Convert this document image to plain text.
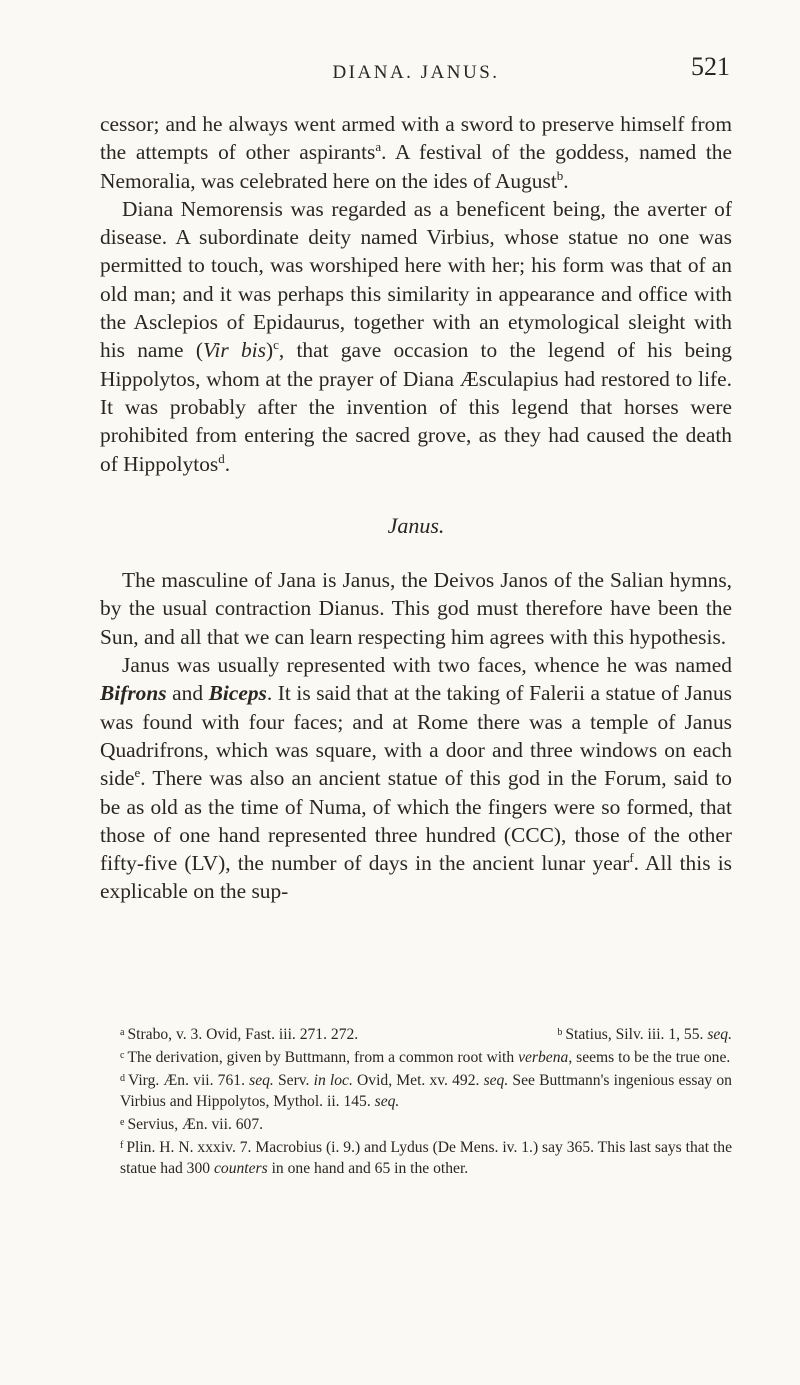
DIANA. JANUS.	521

cessor; and he always went armed with a sword to preserve himself from the attempts of other aspirants$^a$. A festival of the goddess, named the Nemoralia, was celebrated here on the ides of August$^b$.

Diana Nemorensis was regarded as a beneficent being, the averter of disease. A subordinate deity named Virbius, whose statue no one was permitted to touch, was worshiped here with her; his form was that of an old man; and it was perhaps this similarity in appearance and office with the Asclepios of Epidaurus, together with an etymological sleight with his name (Vir bis)$^c$, that gave occasion to the legend of his being Hippolytos, whom at the prayer of Diana Æsculapius had restored to life. It was probably after the invention of this legend that horses were prohibited from entering the sacred grove, as they had caused the death of Hippolytos$^d$.

Janus.

The masculine of Jana is Janus, the Deivos Janos of the Salian hymns, by the usual contraction Dianus. This god must therefore have been the Sun, and all that we can learn respecting him agrees with this hypothesis.

Janus was usually represented with two faces, whence he was named Bifrons and Biceps. It is said that at the taking of Falerii a statue of Janus was found with four faces; and at Rome there was a temple of Janus Quadrifrons, which was square, with a door and three windows on each side$^e$. There was also an ancient statue of this god in the Forum, said to be as old as the time of Numa, of which the fingers were so formed, that those of one hand represented three hundred (CCC), those of the other fifty-five (LV), the number of days in the ancient lunar year$^f$. All this is explicable on the sup-

$^a$ Strabo, v. 3. Ovid, Fast. iii. 271. 272.	$^b$ Statius, Silv. iii. 1, 55. seq.

$^c$ The derivation, given by Buttmann, from a common root with verbena, seems to be the true one.

$^d$ Virg. Æn. vii. 761. seq. Serv. in loc. Ovid, Met. xv. 492. seq. See Buttmann's ingenious essay on Virbius and Hippolytos, Mythol. ii. 145. seq.

$^e$ Servius, Æn. vii. 607.

$^f$ Plin. H. N. xxxiv. 7. Macrobius (i. 9.) and Lydus (De Mens. iv. 1.) say 365. This last says that the statue had 300 counters in one hand and 65 in the other.
